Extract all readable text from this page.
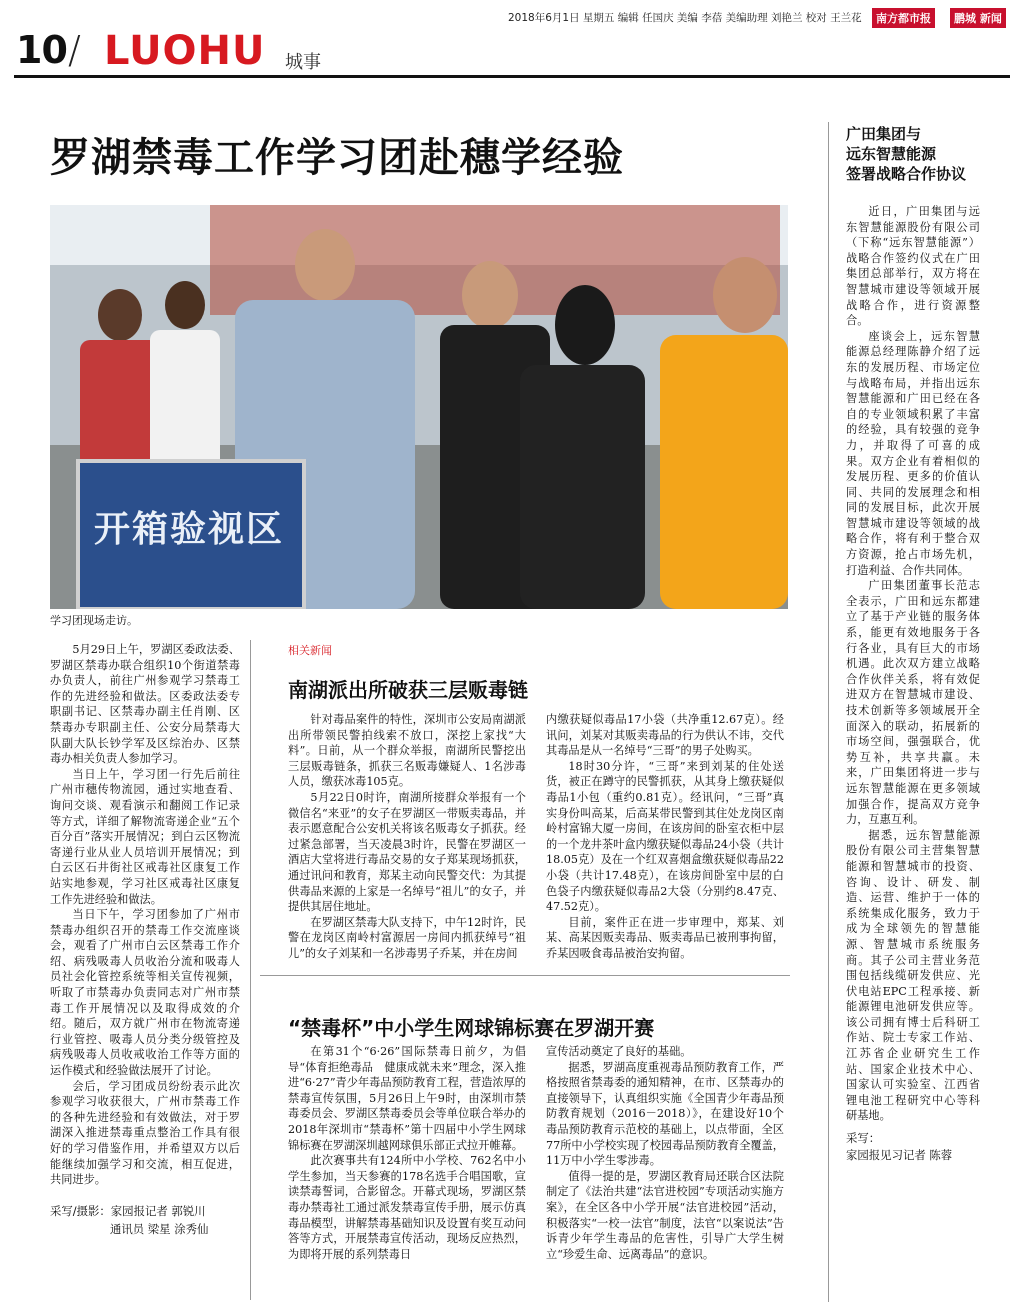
2018年6月1日 星期五 编辑 任国庆 美编 李蓓 美编助理 刘艳兰 校对 王兰花	南方都市报	鹏城 新闻
10 / LUOHU 城事
罗湖禁毒工作学习团赴穗学经验
开箱验视区
学习团现场走访。

5月29日上午，罗湖区委政法委、罗湖区禁毒办联合组织10个街道禁毒办负责人，前往广州参观学习禁毒工作的先进经验和做法。区委政法委专职副书记、区禁毒办副主任肖刚、区禁毒办专职副主任、公安分局禁毒大队副大队长钞学军及区综治办、区禁毒办相关负责人参加学习。

当日上午，学习团一行先后前往广州市穗传物流园，通过实地查看、询问交谈、观看演示和翻阅工作记录等方式，详细了解物流寄递企业“五个百分百”落实开展情况；到白云区物流寄递行业从业人员培训开展情况；到白云区石井街社区戒毒社区康复工作站实地参观，学习社区戒毒社区康复工作先进经验和做法。

当日下午，学习团参加了广州市禁毒办组织召开的禁毒工作交流座谈会，观看了广州市白云区禁毒工作介绍、病残吸毒人员收治分流和吸毒人员社会化管控系统等相关宣传视频，听取了市禁毒办负责同志对广州市禁毒工作开展情况以及取得成效的介绍。随后，双方就广州市在物流寄递行业管控、吸毒人员分类分级管控及病残吸毒人员收戒收治工作等方面的运作模式和经验做法展开了讨论。

会后，学习团成员纷纷表示此次参观学习收获很大，广州市禁毒工作的各种先进经验和有效做法，对于罗湖深入推进禁毒重点整治工作具有很好的学习借鉴作用，并希望双方以后能继续加强学习和交流，相互促进，共同进步。

采写/摄影：家园报记者 郭锐川
通讯员 梁星 涂秀仙
相关新闻
南湖派出所破获三层贩毒链

针对毒品案件的特性，深圳市公安局南湖派出所带领民警拍线索不放口，深挖上家找“大料”。日前，从一个群众举报，南湖所民警挖出三层贩毒链条，抓获三名贩毒嫌疑人、1名涉毒人员，缴获冰毒105克。

5月22日0时许，南湖所接群众举报有一个微信名“来亚”的女子在罗湖区一带贩卖毒品，并表示愿意配合公安机关将该名贩毒女子抓获。经过紧急部署，当天凌晨3时许，民警在罗湖区一酒店大堂将进行毒品交易的女子郑某现场抓获，通过讯问和教育，郑某主动向民警交代：为其提供毒品来源的上家是一名绰号“祖儿”的女子，并提供其居住地址。

在罗湖区禁毒大队支持下，中午12时许，民警在龙岗区南岭村富源居一房间内抓获绰号“祖儿”的女子刘某和一名涉毒男子乔某，并在房间

内缴获疑似毒品17小袋（共净重12.67克）。经讯问，刘某对其贩卖毒品的行为供认不讳，交代其毒品是从一名绰号“三哥”的男子处购买。

18时30分许，“三哥”来到刘某的住处送货，被正在蹲守的民警抓获，从其身上缴获疑似毒品1小包（重约0.81克）。经讯问，“三哥”真实身份叫高某，后高某带民警到其住处龙岗区南岭村富锦大厦一房间，在该房间的卧室衣柜中层的一个龙井茶叶盒内缴获疑似毒品24小袋（共计18.05克）及在一个红双喜烟盒缴获疑似毒品22小袋（共计17.48克），在该房间卧室中层的白色袋子内缴获疑似毒品2大袋（分别约8.47克、47.52克）。

目前，案件正在进一步审理中，郑某、刘某、高某因贩卖毒品、贩卖毒品已被刑事拘留，乔某因吸食毒品被治安拘留。

“禁毒杯”中小学生网球锦标赛在罗湖开赛

在第31个“6·26”国际禁毒日前夕，为倡导“体育拒绝毒品　健康成就未来”理念，深入推进“6·27”青少年毒品预防教育工程，营造浓厚的禁毒宣传氛围，5月26日上午9时，由深圳市禁毒委员会、罗湖区禁毒委员会等单位联合举办的2018年深圳市“禁毒杯”第十四届中小学生网球锦标赛在罗湖深圳越网球俱乐部正式拉开帷幕。

此次赛事共有124所中小学校、762名中小学生参加，当天参赛的178名选手合唱国歌，宣读禁毒誓词，合影留念。开幕式现场，罗湖区禁毒办禁毒社工通过派发禁毒宣传手册，展示仿真毒品模型，讲解禁毒基础知识及设置有奖互动问答等方式，开展禁毒宣传活动，现场反应热烈，为即将开展的系列禁毒日

宣传活动奠定了良好的基础。

据悉，罗湖高度重视毒品预防教育工作，严格按照省禁毒委的通知精神，在市、区禁毒办的直接领导下，认真组织实施《全国青少年毒品预防教育规划（2016－2018）》，在建设好10个毒品预防教育示范校的基础上，以点带面，全区77所中小学校实现了校园毒品预防教育全覆盖，11万中小学生零涉毒。

值得一提的是，罗湖区教育局还联合区法院制定了《法治共建“法官进校园”专项活动实施方案》，在全区各中小学开展“法官进校园”活动，积极落实“一校一法官”制度，法官“以案说法”告诉青少年学生毒品的危害性，引导广大学生树立“珍爱生命、远离毒品”的意识。

广田集团与
远东智慧能源
签署战略合作协议

近日，广田集团与远东智慧能源股份有限公司（下称“远东智慧能源”）战略合作签约仪式在广田集团总部举行，双方将在智慧城市建设等领域开展战略合作，进行资源整合。

座谈会上，远东智慧能源总经理陈静介绍了远东的发展历程、市场定位与战略布局，并指出远东智慧能源和广田已经在各自的专业领域积累了丰富的经验，具有较强的竞争力，并取得了可喜的成果。双方企业有着相似的发展历程、更多的价值认同、共同的发展理念和相同的发展目标，此次开展智慧城市建设等领域的战略合作，将有利于整合双方资源，抢占市场先机，打造利益、合作共同体。

广田集团董事长范志全表示，广田和远东都建立了基于产业链的服务体系，能更有效地服务于各行各业，具有巨大的市场机遇。此次双方建立战略合作伙伴关系，将有效促进双方在智慧城市建设、技术创新等多领域展开全面深入的联动，拓展新的市场空间，强强联合，优势互补，共享共赢。未来，广田集团将进一步与远东智慧能源在更多领域加强合作，提高双方竞争力，互惠互利。

据悉，远东智慧能源股份有限公司主营集智慧能源和智慧城市的投资、咨询、设计、研发、制造、运营、维护于一体的系统集成化服务，致力于成为全球领先的智慧能源、智慧城市系统服务商。其子公司主营业务范围包括线缆研发供应、光伏电站EPC工程承接、新能源锂电池研发供应等。该公司拥有博士后科研工作站、院士专家工作站、江苏省企业研究生工作站、国家企业技术中心、国家认可实验室、江西省锂电池工程研究中心等科研基地。

采写：
家园报见习记者 陈蓉
